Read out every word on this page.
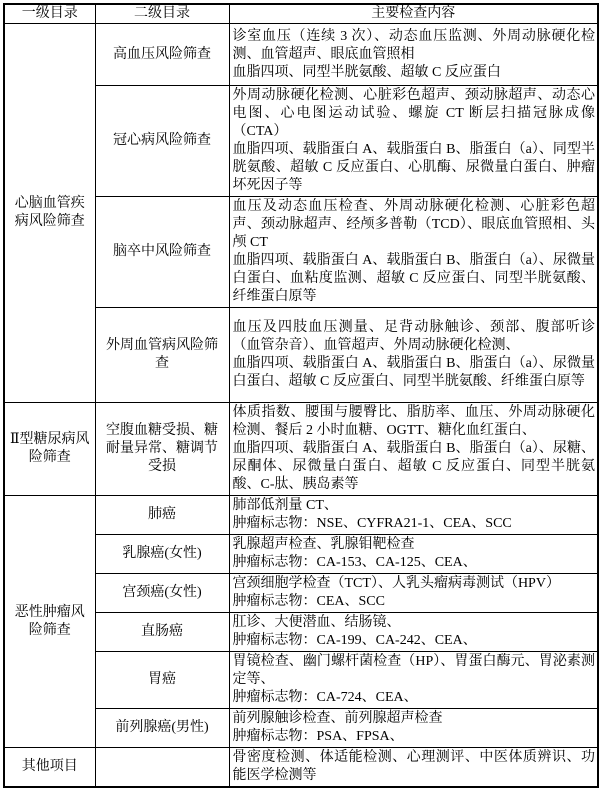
一级目录	二级目录	主要检查内容
心脑血管疾病风险筛查	高血压风险筛查	诊室血压（连续 3 次）、动态血压监测、外周动脉硬化检测、血管超声、眼底血管照相
血脂四项、同型半胱氨酸、超敏 C 反应蛋白

	冠心病风险筛查	外周动脉硬化检测、心脏彩色超声、颈动脉超声、动态心电图、心电图运动试验、螺旋 CT 断层扫描冠脉成像（CTA）
血脂四项、载脂蛋白 A、载脂蛋白 B、脂蛋白（a）、同型半胱氨酸、超敏 C 反应蛋白、心肌酶、尿微量白蛋白、肿瘤坏死因子等

	脑卒中风险筛查	血压及动态血压检查、外周动脉硬化检测、心脏彩色超声、颈动脉超声、经颅多普勒（TCD）、眼底血管照相、头颅 CT
血脂四项、载脂蛋白 A、载脂蛋白 B、脂蛋白（a）、尿微量白蛋白、血粘度监测、超敏 C 反应蛋白、同型半胱氨酸、纤维蛋白原等

	外周血管病风险筛查	血压及四肢血压测量、足背动脉触诊、颈部、腹部听诊（血管杂音）、血管超声、外周动脉硬化检测、
血脂四项、载脂蛋白 A、载脂蛋白 B、脂蛋白（a）、尿微量白蛋白、超敏 C 反应蛋白、同型半胱氨酸、纤维蛋白原等

Ⅱ型糖尿病风险筛查	空腹血糖受损、糖耐量异常、糖调节受损	体质指数、腰围与腰臀比、脂肪率、血压、外周动脉硬化检测、餐后 2 小时血糖、OGTT、糖化血红蛋白、
血脂四项、载脂蛋白 A、载脂蛋白 B、脂蛋白（a）、尿糖、尿酮体、尿微量白蛋白、超敏 C 反应蛋白、同型半胱氨酸、C-肽、胰岛素等

恶性肿瘤风险筛查	肺癌	肺部低剂量 CT、
肿瘤标志物：NSE、CYFRA21-1、CEA、SCC

	乳腺癌(女性)	乳腺超声检查、乳腺钼靶检查
肿瘤标志物：CA-153、CA-125、CEA、

	宫颈癌(女性)	宫颈细胞学检查（TCT）、人乳头瘤病毒测试（HPV）
肿瘤标志物：CEA、SCC

	直肠癌	肛诊、大便潜血、结肠镜、
肿瘤标志物：CA-199、CA-242、CEA、

	胃癌	胃镜检查、幽门螺杆菌检查（HP）、胃蛋白酶元、胃泌素测定等、
肿瘤标志物：CA-724、CEA、

	前列腺癌(男性)	前列腺触诊检查、前列腺超声检查
肿瘤标志物：PSA、FPSA、

其他项目		骨密度检测、体适能检测、心理测评、中医体质辨识、功能医学检测等
